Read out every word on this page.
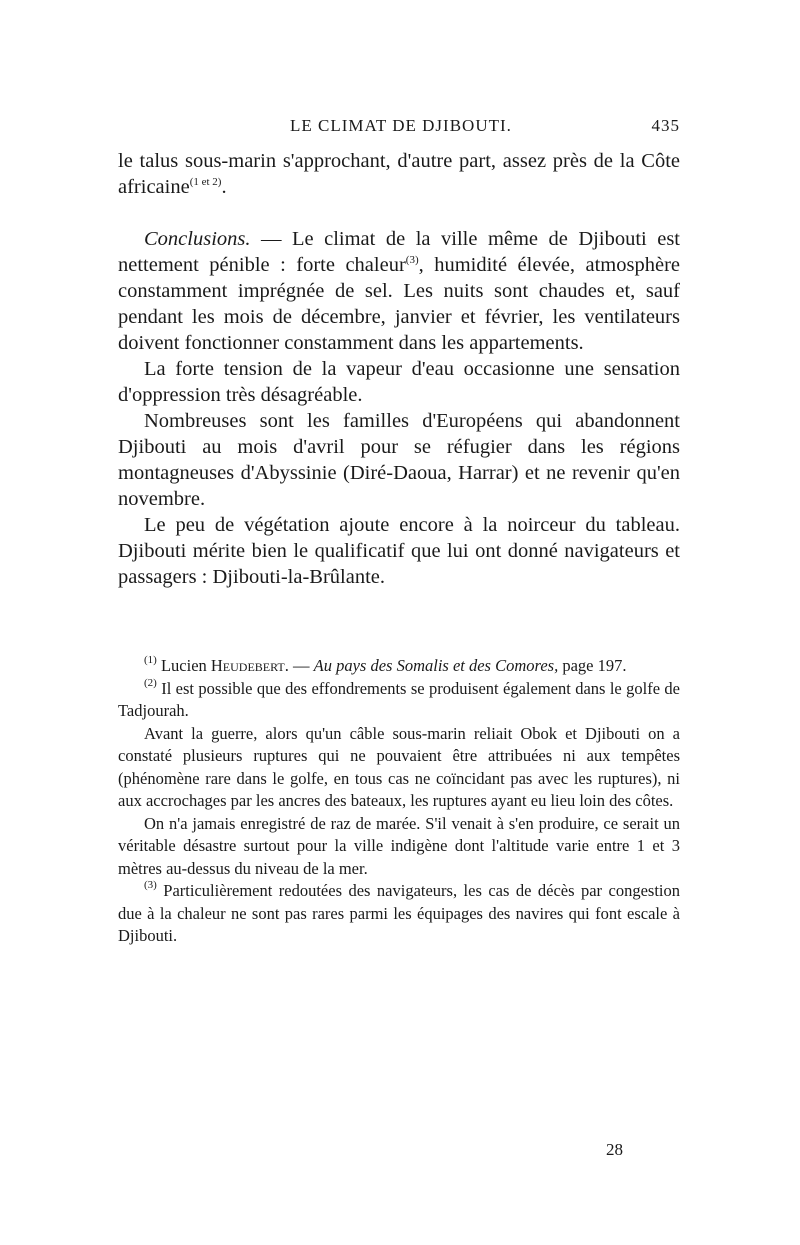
LE CLIMAT DE DJIBOUTI.	435

le talus sous-marin s'approchant, d'autre part, assez près de la Côte africaine$^{(1 et 2)}$.

Conclusions. — Le climat de la ville même de Djibouti est nettement pénible : forte chaleur$^{(3)}$, humidité élevée, atmosphère constamment imprégnée de sel. Les nuits sont chaudes et, sauf pendant les mois de décembre, janvier et février, les ventilateurs doivent fonctionner constamment dans les appartements.

La forte tension de la vapeur d'eau occasionne une sensation d'oppression très désagréable.

Nombreuses sont les familles d'Européens qui abandonnent Djibouti au mois d'avril pour se réfugier dans les régions montagneuses d'Abyssinie (Diré-Daoua, Harrar) et ne revenir qu'en novembre.

Le peu de végétation ajoute encore à la noirceur du tableau. Djibouti mérite bien le qualificatif que lui ont donné navigateurs et passagers : Djibouti-la-Brûlante.

$^{(1)}$ Lucien Heudebert. — Au pays des Somalis et des Comores, page 197.

$^{(2)}$ Il est possible que des effondrements se produisent également dans le golfe de Tadjourah.

Avant la guerre, alors qu'un câble sous-marin reliait Obok et Djibouti on a constaté plusieurs ruptures qui ne pouvaient être attribuées ni aux tempêtes (phénomène rare dans le golfe, en tous cas ne coïncidant pas avec les ruptures), ni aux accrochages par les ancres des bateaux, les ruptures ayant eu lieu loin des côtes.

On n'a jamais enregistré de raz de marée. S'il venait à s'en produire, ce serait un véritable désastre surtout pour la ville indigène dont l'altitude varie entre 1 et 3 mètres au-dessus du niveau de la mer.

$^{(3)}$ Particulièrement redoutées des navigateurs, les cas de décès par congestion due à la chaleur ne sont pas rares parmi les équipages des navires qui font escale à Djibouti.

28
